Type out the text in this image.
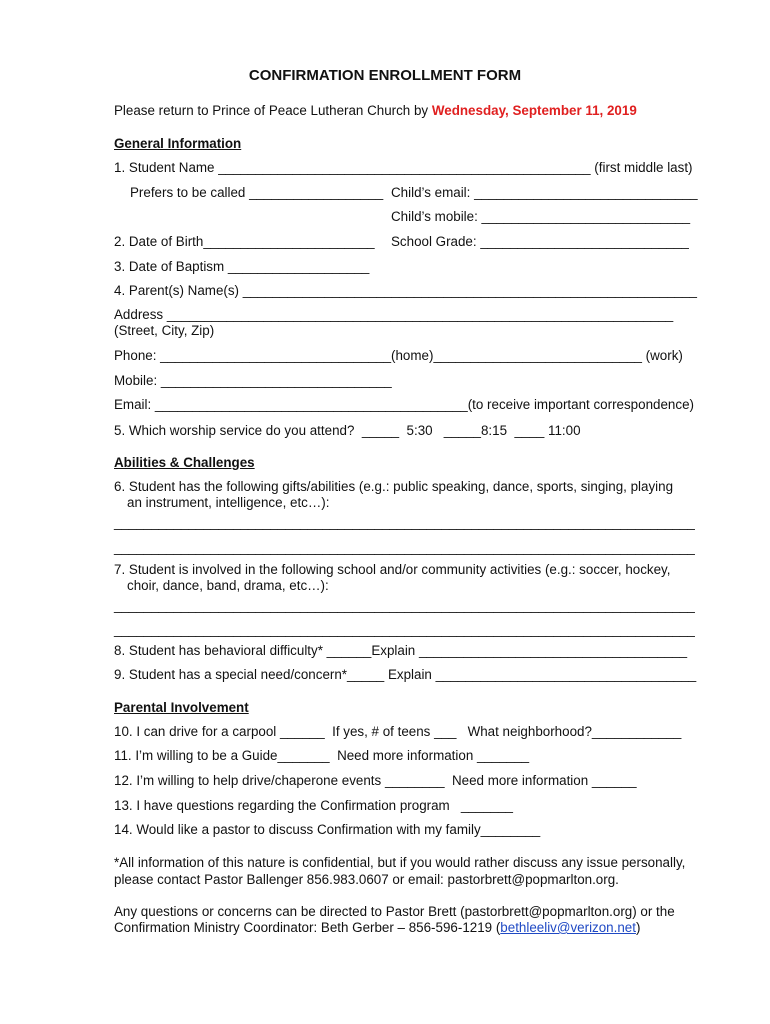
CONFIRMATION ENROLLMENT FORM
Please return to Prince of Peace Lutheran Church by Wednesday, September 11, 2019
General Information
1. Student Name __________________________________________________ (first middle last)
Prefers to be called __________________ Child’s email: ______________________________
Child’s mobile: ____________________________
2. Date of Birth_______________________ School Grade: ____________________________
3. Date of Baptism ___________________
4. Parent(s) Name(s) _____________________________________________________________
Address ____________________________________________________________________
(Street, City, Zip)
Phone: _______________________________(home)____________________________ (work)
Mobile: _______________________________
Email: __________________________________________(to receive important correspondence)
5. Which worship service do you attend?  _____  5:30   _____8:15  ____ 11:00
Abilities & Challenges
6. Student has the following gifts/abilities (e.g.: public speaking, dance, sports, singing, playing
an instrument, intelligence, etc…):
______________________________________________________________________________
______________________________________________________________________________
7. Student is involved in the following school and/or community activities (e.g.: soccer, hockey,
choir, dance, band, drama, etc…):
______________________________________________________________________________
______________________________________________________________________________
8. Student has behavioral difficulty* ______Explain ____________________________________
9. Student has a special need/concern*_____ Explain ___________________________________
Parental Involvement
10. I can drive for a carpool ______  If yes, # of teens ___   What neighborhood?____________
11. I’m willing to be a Guide_______  Need more information _______
12. I’m willing to help drive/chaperone events ________  Need more information ______
13. I have questions regarding the Confirmation program   _______
14. Would like a pastor to discuss Confirmation with my family________
*All information of this nature is confidential, but if you would rather discuss any issue personally,
please contact Pastor Ballenger 856.983.0607 or email: pastorbrett@popmarlton.org.
Any questions or concerns can be directed to Pastor Brett (pastorbrett@popmarlton.org) or the
Confirmation Ministry Coordinator: Beth Gerber – 856-596-1219 (bethleeliv@verizon.net)
